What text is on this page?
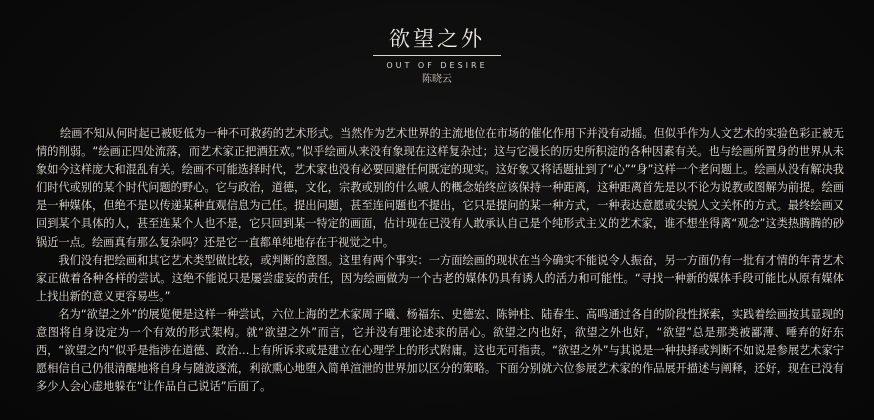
欲望之外
OUT OF DESIRE
陈晓云

绘画不知从何时起已被贬低为一种不可救药的艺术形式。当然作为艺术世界的主流地位在市场的催化作用下并没有动摇。但似乎作为人文艺术的实验色彩正被无情的削弱。“绘画正四处流落，而艺术家正把酒狂欢。”似乎绘画从来没有象现在这样复杂过；这与它漫长的历史所积淀的各种因素有关。也与绘画所置身的世界从未象如今这样庞大和混乱有关。绘画不可能选择时代，艺术家也没有必要回避任何既定的现实。这好象又将话题扯到了“心”“身”这样一个老问题上。绘画从没有解决我们时代或别的某个时代问题的野心。它与政治，道德，文化，宗教或别的什么唬人的概念始终应该保持一种距离，这种距离首先是以不论为说教或图解为前提。绘画是一种媒体，但绝不是以传递某种直观信息为己任。提出问题，甚至连问题也不提出，它只是提问的某一种方式，一种表达意愿或尖锐人文关怀的方式。最终绘画又回到某个具体的人，甚至连某个人也不是，它只回到某一特定的画面，估计现在已没有人敢承认自己是个纯形式主义的艺术家，谁不想坐得离“观念”这类热腾腾的砂锅近一点。绘画真有那么复杂吗？还是它一直都单纯地存在于视觉之中。

我们没有把绘画和其它艺术类型做比较，或判断的意图。这里有两个事实：一方面绘画的现状在当今确实不能说令人振奋，另一方面仍有一批有才情的年青艺术家正做着各种各样的尝试。这绝不能说只是屡尝虚妄的责任，因为绘画做为一个古老的媒体仍具有诱人的活力和可能性。“寻找一种新的媒体手段可能比从原有媒体上找出新的意义更容易些。”

名为“欲望之外”的展览便是这样一种尝试，六位上海的艺术家周子曦、杨福东、史德宏、陈钟柱、陆春生、高鸣通过各自的阶段性探索，实践着绘画按其显现的意图将自身设定为一个有效的形式架构。就“欲望之外”而言，它并没有理论述求的居心。欲望之内也好，欲望之外也好，“欲望”总是那类被鄙薄、唾弃的好东西，“欲望之内”似乎是指涉在道德、政治…上有所诉求或是建立在心理学上的形式附庸。这也无可指责。“欲望之外”与其说是一种抉择或判断不如说是参展艺术家宁愿相信自己仍很清醒地将自身与随波逐流，利欲熏心地堕入简单渲泄的世界加以区分的策略。下面分别就六位参展艺术家的作品展开描述与阐释，还好，现在已没有多少人会心虚地躲在“让作品自己说话”后面了。
